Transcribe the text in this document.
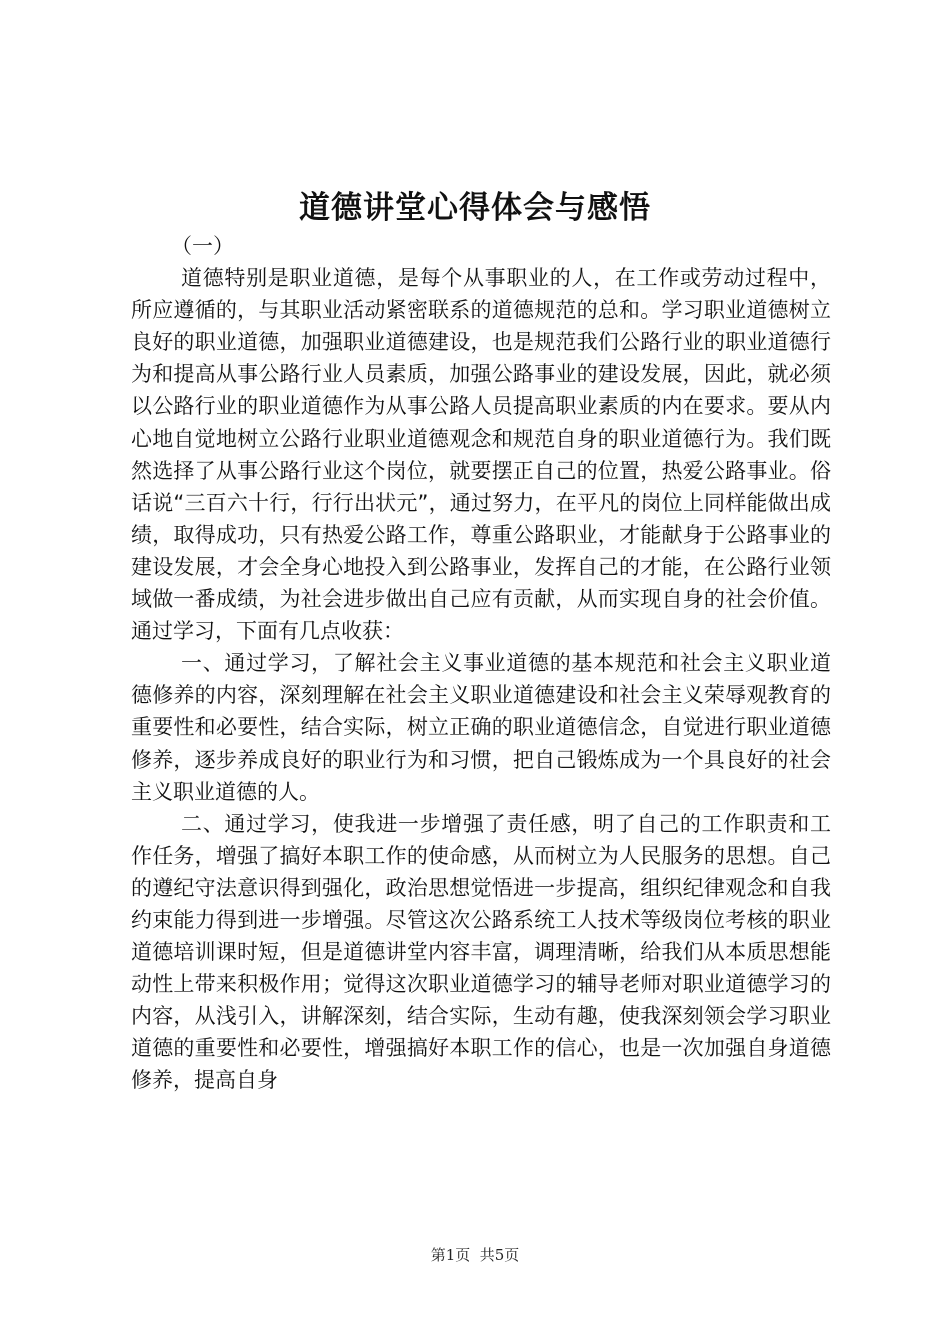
道德讲堂心得体会与感悟

（一）

道德特别是职业道德，是每个从事职业的人，在工作或劳动过程中，所应遵循的，与其职业活动紧密联系的道德规范的总和。学习职业道德树立良好的职业道德，加强职业道德建设，也是规范我们公路行业的职业道德行为和提高从事公路行业人员素质，加强公路事业的建设发展，因此，就必须以公路行业的职业道德作为从事公路人员提高职业素质的内在要求。要从内心地自觉地树立公路行业职业道德观念和规范自身的职业道德行为。我们既然选择了从事公路行业这个岗位，就要摆正自己的位置，热爱公路事业。俗话说“三百六十行，行行出状元”，通过努力，在平凡的岗位上同样能做出成绩，取得成功，只有热爱公路工作，尊重公路职业，才能献身于公路事业的建设发展，才会全身心地投入到公路事业，发挥自己的才能，在公路行业领域做一番成绩，为社会进步做出自己应有贡献，从而实现自身的社会价值。通过学习，下面有几点收获：

一、通过学习，了解社会主义事业道德的基本规范和社会主义职业道德修养的内容，深刻理解在社会主义职业道德建设和社会主义荣辱观教育的重要性和必要性，结合实际，树立正确的职业道德信念，自觉进行职业道德修养，逐步养成良好的职业行为和习惯，把自己锻炼成为一个具良好的社会主义职业道德的人。

二、通过学习，使我进一步增强了责任感，明了自己的工作职责和工作任务，增强了搞好本职工作的使命感，从而树立为人民服务的思想。自己的遵纪守法意识得到强化，政治思想觉悟进一步提高，组织纪律观念和自我约束能力得到进一步增强。尽管这次公路系统工人技术等级岗位考核的职业道德培训课时短，但是道德讲堂内容丰富，调理清晰，给我们从本质思想能动性上带来积极作用；觉得这次职业道德学习的辅导老师对职业道德学习的内容，从浅引入，讲解深刻，结合实际，生动有趣，使我深刻领会学习职业道德的重要性和必要性，增强搞好本职工作的信心，也是一次加强自身道德修养，提高自身

第1页  共5页
